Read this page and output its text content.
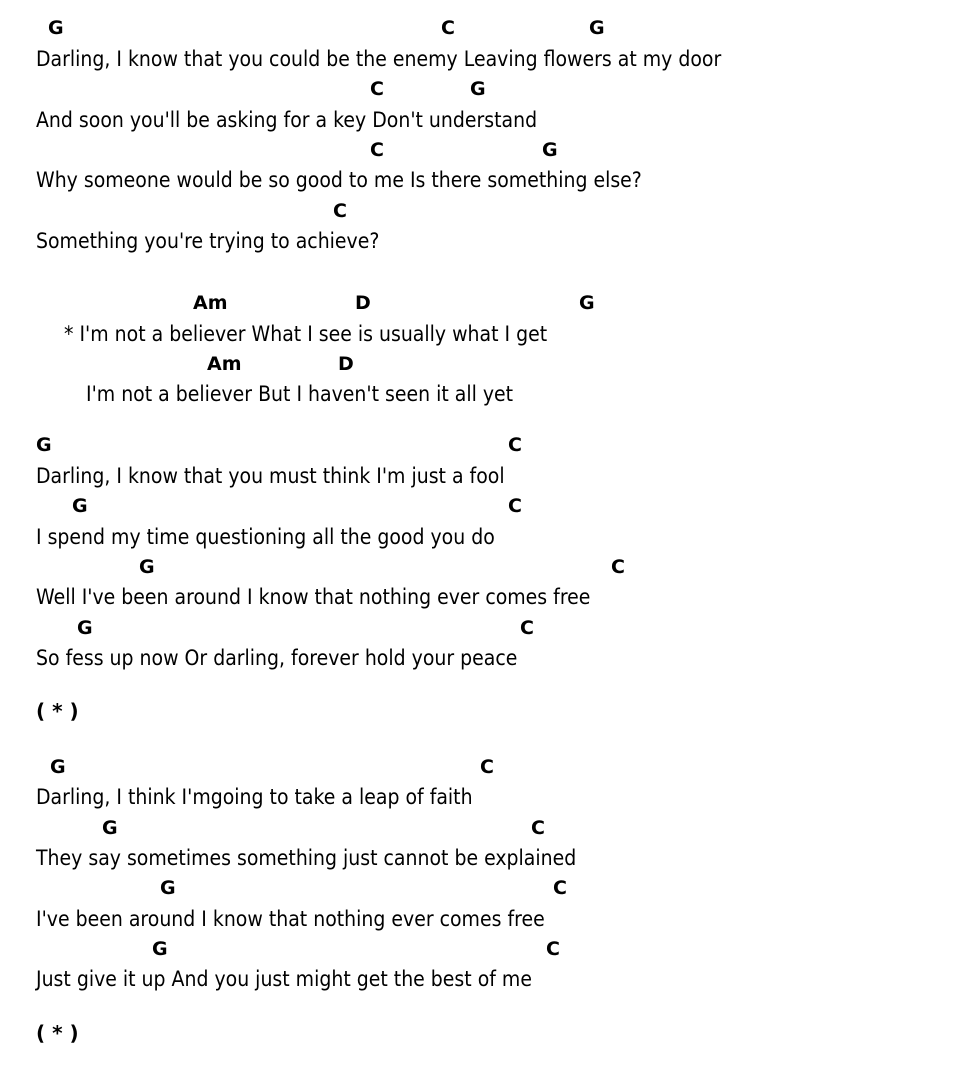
G	C	G
Darling, I know that you could be the enemy Leaving flowers at my door
C	G
And soon you'll be asking for a key Don't understand
C	G
Why someone would be so good to me Is there something else?
C
Something you're trying to achieve?
Am	D	G
* I'm not a believer What I see is usually what I get
Am	D
I'm not a believer But I haven't seen it all yet
G	C
Darling, I know that you must think I'm just a fool
G	C
I spend my time questioning all the good you do
G	C
Well I've been around I know that nothing ever comes free
G	C
So fess up now Or darling, forever hold your peace
( * )
G	C
Darling, I think I'mgoing to take a leap of faith
G	C
They say sometimes something just cannot be explained
G	C
I've been around I know that nothing ever comes free
G	C
Just give it up And you just might get the best of me
( * )
